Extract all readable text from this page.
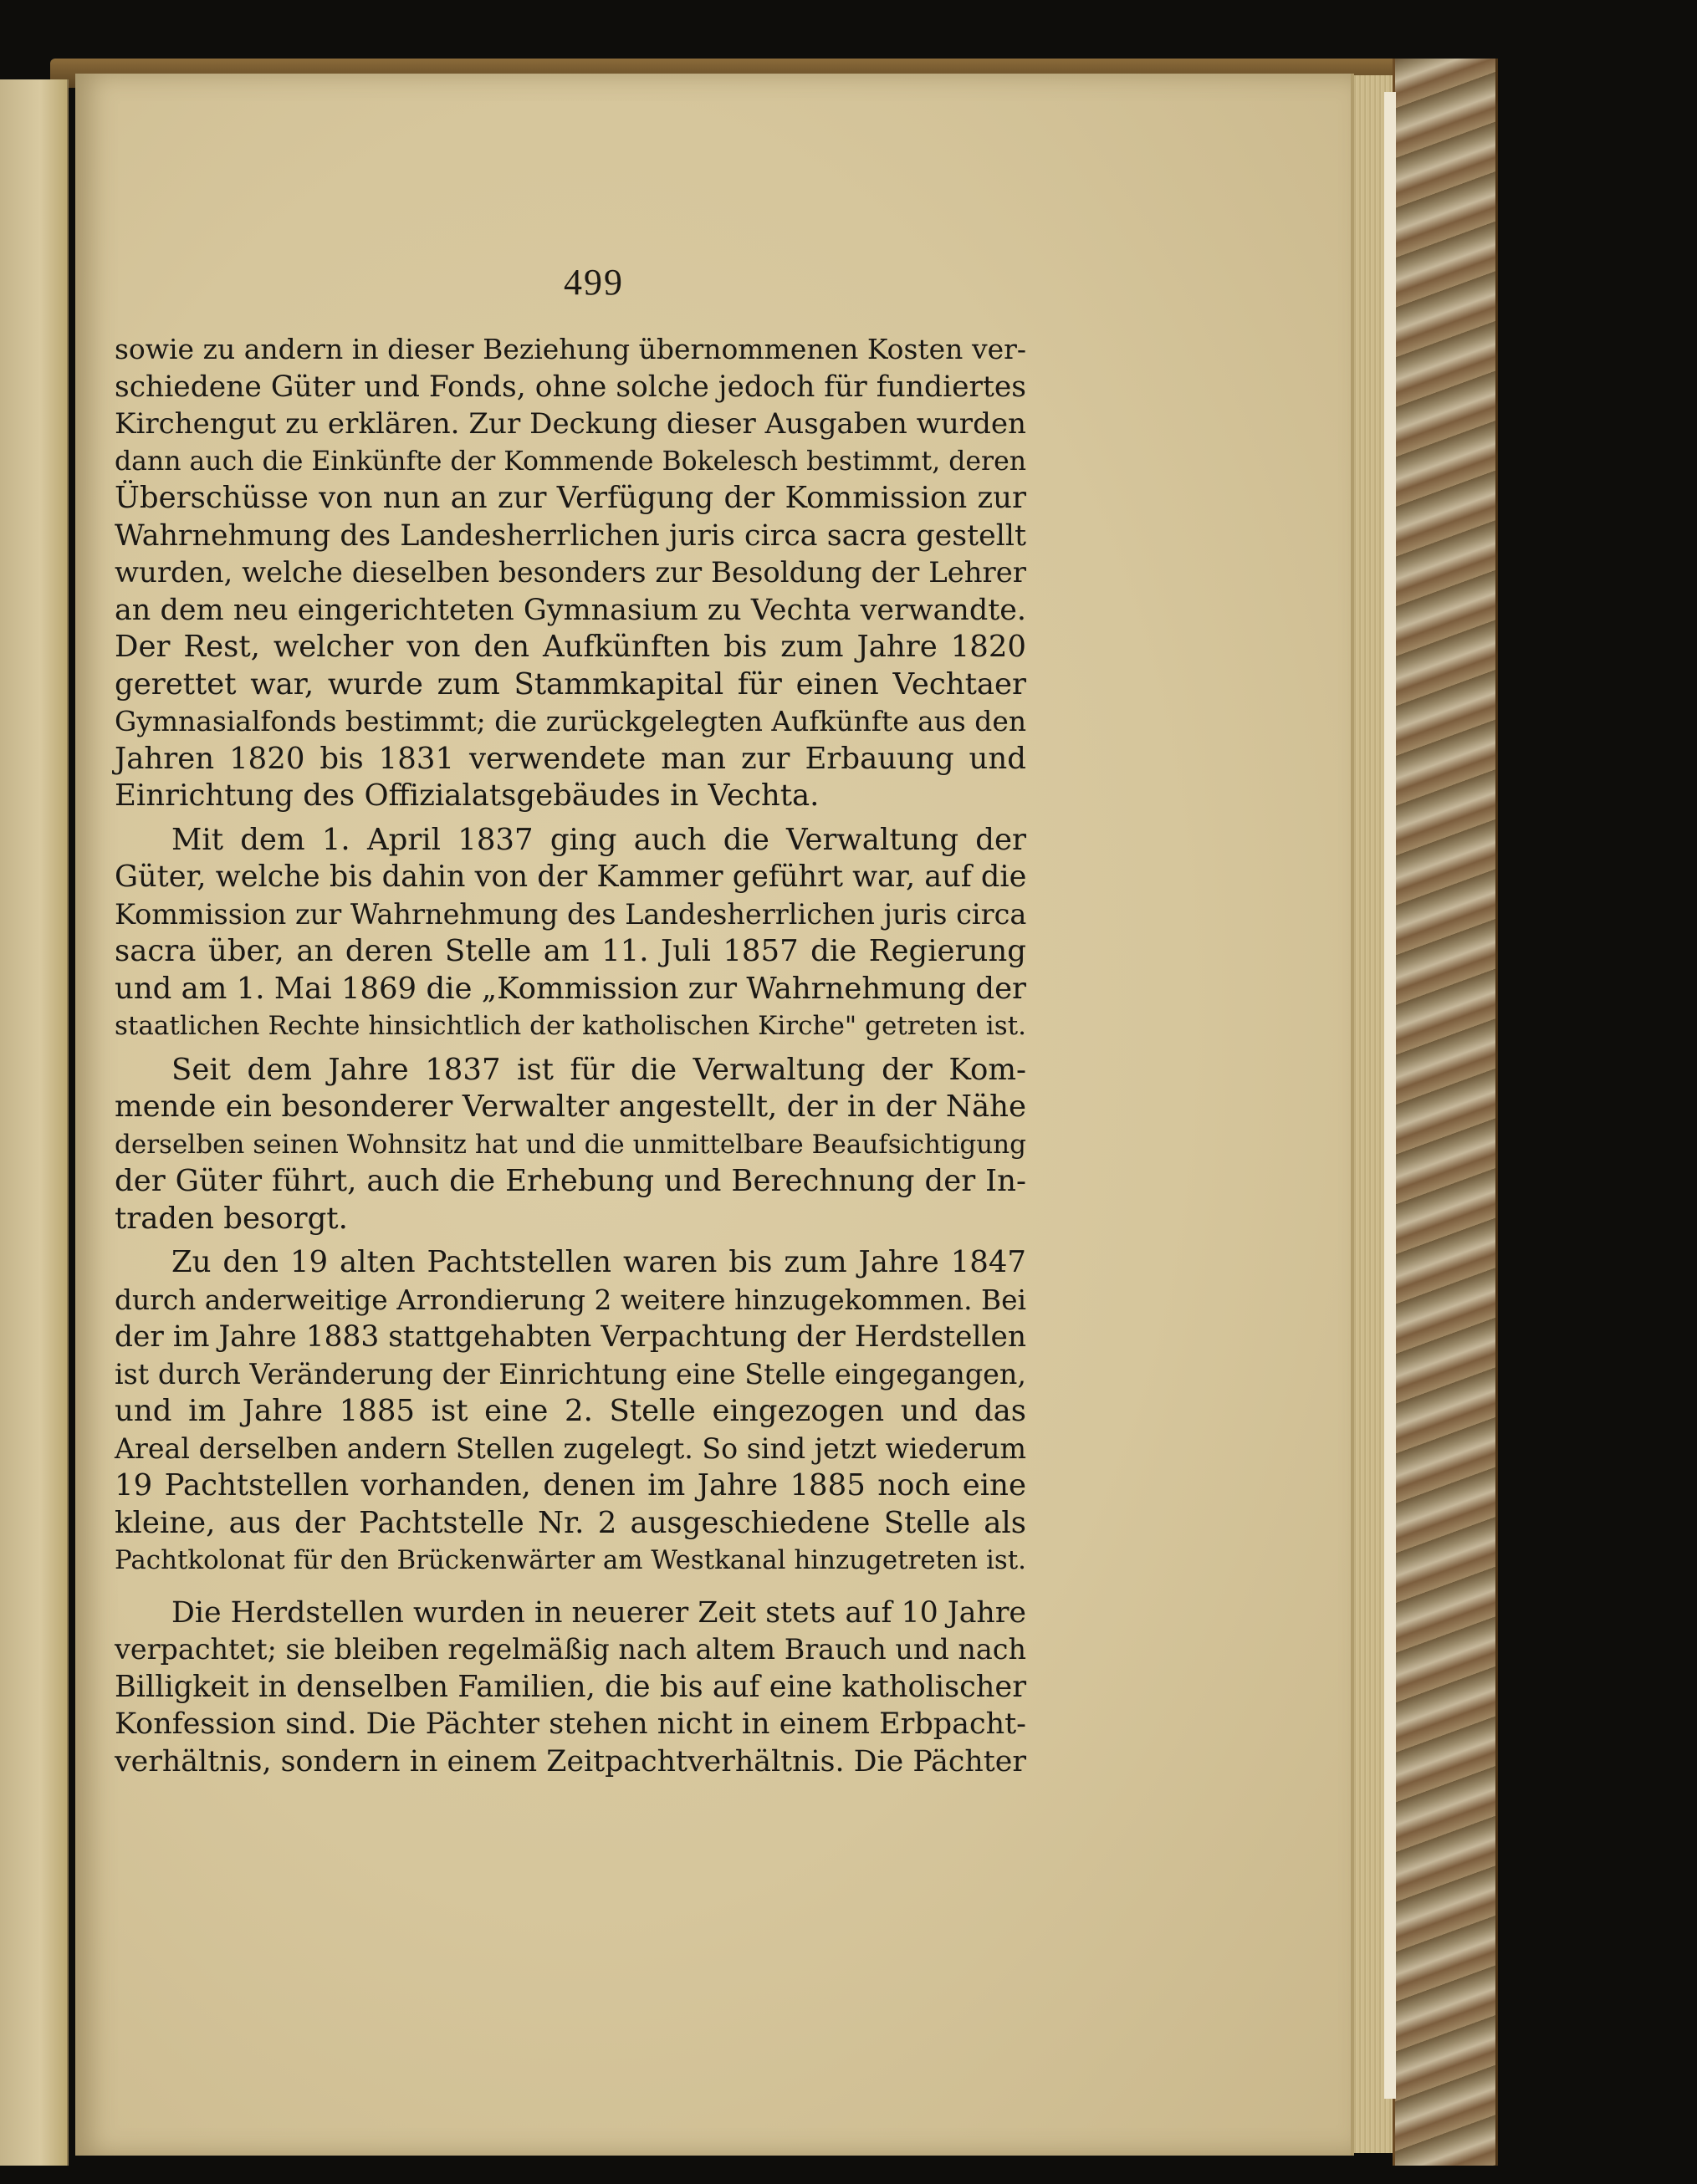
499
sowie zu andern in dieser Beziehung übernommenen Kosten ver-
schiedene Güter und Fonds, ohne solche jedoch für fundiertes
Kirchengut zu erklären. Zur Deckung dieser Ausgaben wurden
dann auch die Einkünfte der Kommende Bokelesch bestimmt, deren
Überschüsse von nun an zur Verfügung der Kommission zur
Wahrnehmung des Landesherrlichen juris circa sacra gestellt
wurden, welche dieselben besonders zur Besoldung der Lehrer
an dem neu eingerichteten Gymnasium zu Vechta verwandte.
Der Rest, welcher von den Aufkünften bis zum Jahre 1820
gerettet war, wurde zum Stammkapital für einen Vechtaer
Gymnasialfonds bestimmt; die zurückgelegten Aufkünfte aus den
Jahren 1820 bis 1831 verwendete man zur Erbauung und
Einrichtung des Offizialatsgebäudes in Vechta.
Mit dem 1. April 1837 ging auch die Verwaltung der
Güter, welche bis dahin von der Kammer geführt war, auf die
Kommission zur Wahrnehmung des Landesherrlichen juris circa
sacra über, an deren Stelle am 11. Juli 1857 die Regierung
und am 1. Mai 1869 die „Kommission zur Wahrnehmung der
staatlichen Rechte hinsichtlich der katholischen Kirche" getreten ist.
Seit dem Jahre 1837 ist für die Verwaltung der Kom-
mende ein besonderer Verwalter angestellt, der in der Nähe
derselben seinen Wohnsitz hat und die unmittelbare Beaufsichtigung
der Güter führt, auch die Erhebung und Berechnung der In-
traden besorgt.
Zu den 19 alten Pachtstellen waren bis zum Jahre 1847
durch anderweitige Arrondierung 2 weitere hinzugekommen. Bei
der im Jahre 1883 stattgehabten Verpachtung der Herdstellen
ist durch Veränderung der Einrichtung eine Stelle eingegangen,
und im Jahre 1885 ist eine 2. Stelle eingezogen und das
Areal derselben andern Stellen zugelegt. So sind jetzt wiederum
19 Pachtstellen vorhanden, denen im Jahre 1885 noch eine
kleine, aus der Pachtstelle Nr. 2 ausgeschiedene Stelle als
Pachtkolonat für den Brückenwärter am Westkanal hinzugetreten ist.
Die Herdstellen wurden in neuerer Zeit stets auf 10 Jahre
verpachtet; sie bleiben regelmäßig nach altem Brauch und nach
Billigkeit in denselben Familien, die bis auf eine katholischer
Konfession sind. Die Pächter stehen nicht in einem Erbpacht-
verhältnis, sondern in einem Zeitpachtverhältnis. Die Pächter
